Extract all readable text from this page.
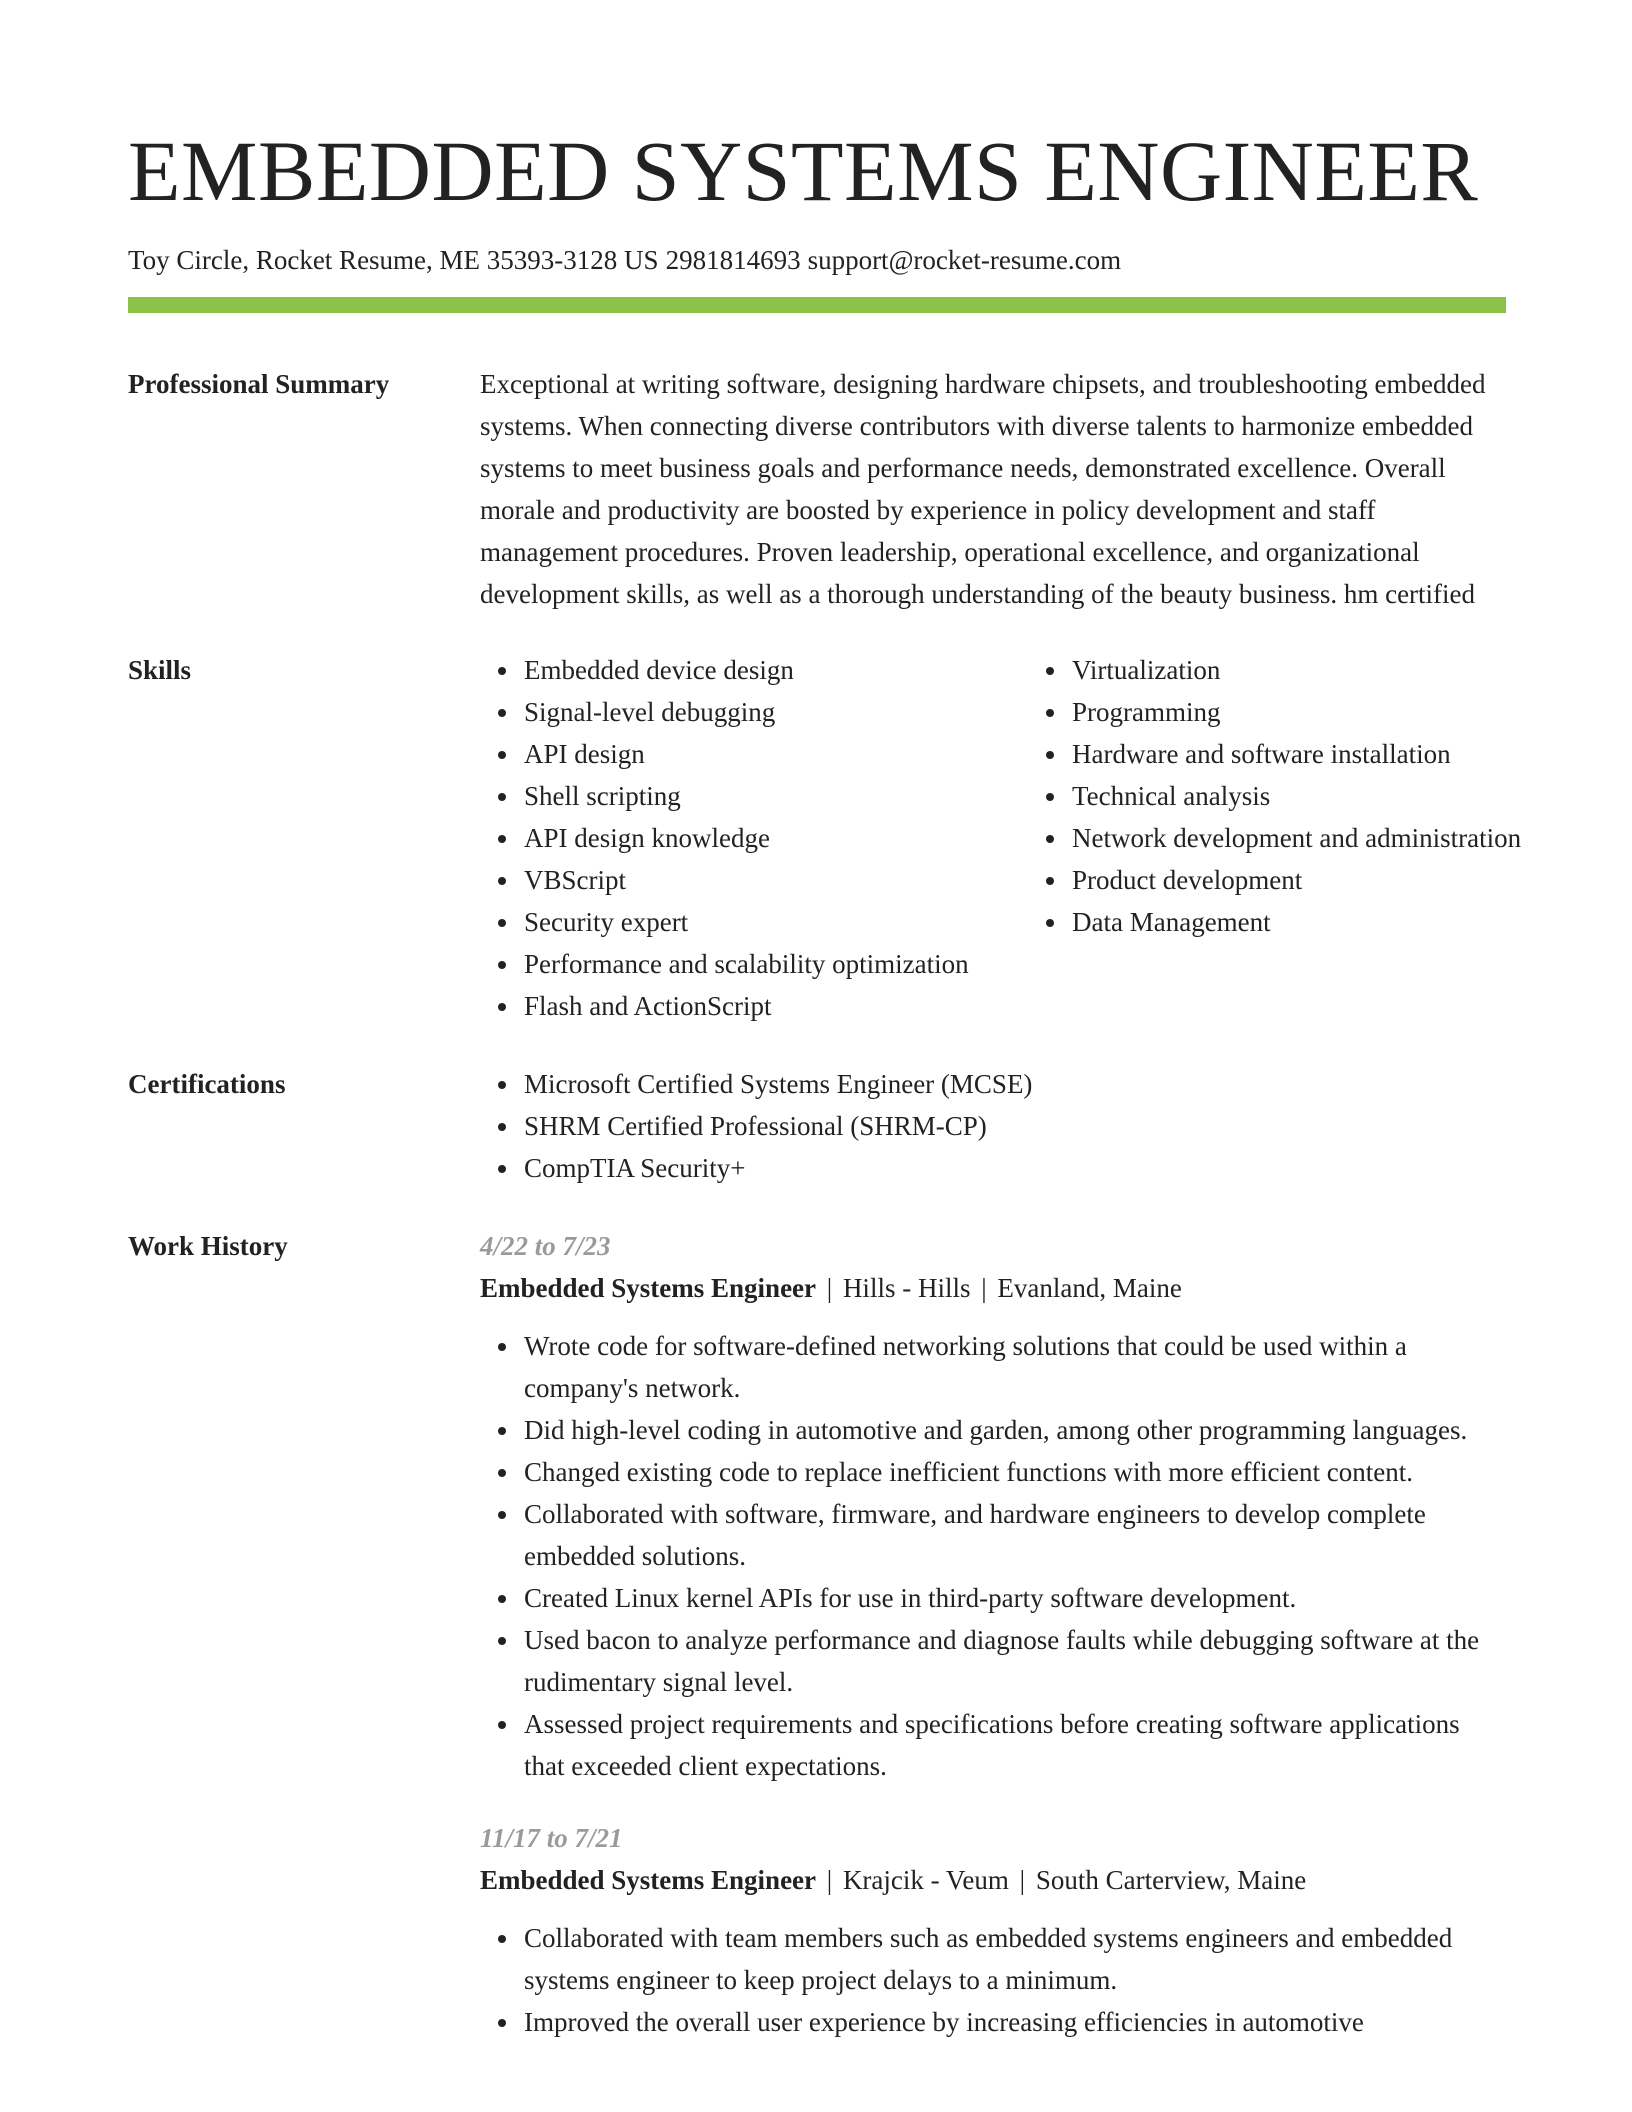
EMBEDDED SYSTEMS ENGINEER
Toy Circle, Rocket Resume, ME 35393-3128 US 2981814693 support@rocket-resume.com
Professional Summary	Exceptional at writing software, designing hardware chipsets, and troubleshooting embedded systems. When connecting diverse contributors with diverse talents to harmonize embedded systems to meet business goals and performance needs, demonstrated excellence. Overall morale and productivity are boosted by experience in policy development and staff management procedures. Proven leadership, operational excellence, and organizational development skills, as well as a thorough understanding of the beauty business. hm certified

Skills	Embedded device design
Signal-level debugging
API design
Shell scripting
API design knowledge
VBScript
Security expert
Performance and scalability optimization
Flash and ActionScript
Virtualization
Programming
Hardware and software installation
Technical analysis
Network development and administration
Product development
Data Management
Certifications	Microsoft Certified Systems Engineer (MCSE)
SHRM Certified Professional (SHRM-CP)
CompTIA Security+
Work History	4/22 to 7/23
Embedded Systems Engineer | Hills - Hills | Evanland, Maine
Wrote code for software-defined networking solutions that could be used within a company's network.
Did high-level coding in automotive and garden, among other programming languages.
Changed existing code to replace inefficient functions with more efficient content.
Collaborated with software, firmware, and hardware engineers to develop complete embedded solutions.
Created Linux kernel APIs for use in third-party software development.
Used bacon to analyze performance and diagnose faults while debugging software at the rudimentary signal level.
Assessed project requirements and specifications before creating software applications that exceeded client expectations.
11/17 to 7/21
Embedded Systems Engineer | Krajcik - Veum | South Carterview, Maine
Collaborated with team members such as embedded systems engineers and embedded systems engineer to keep project delays to a minimum.
Improved the overall user experience by increasing efficiencies in automotive
